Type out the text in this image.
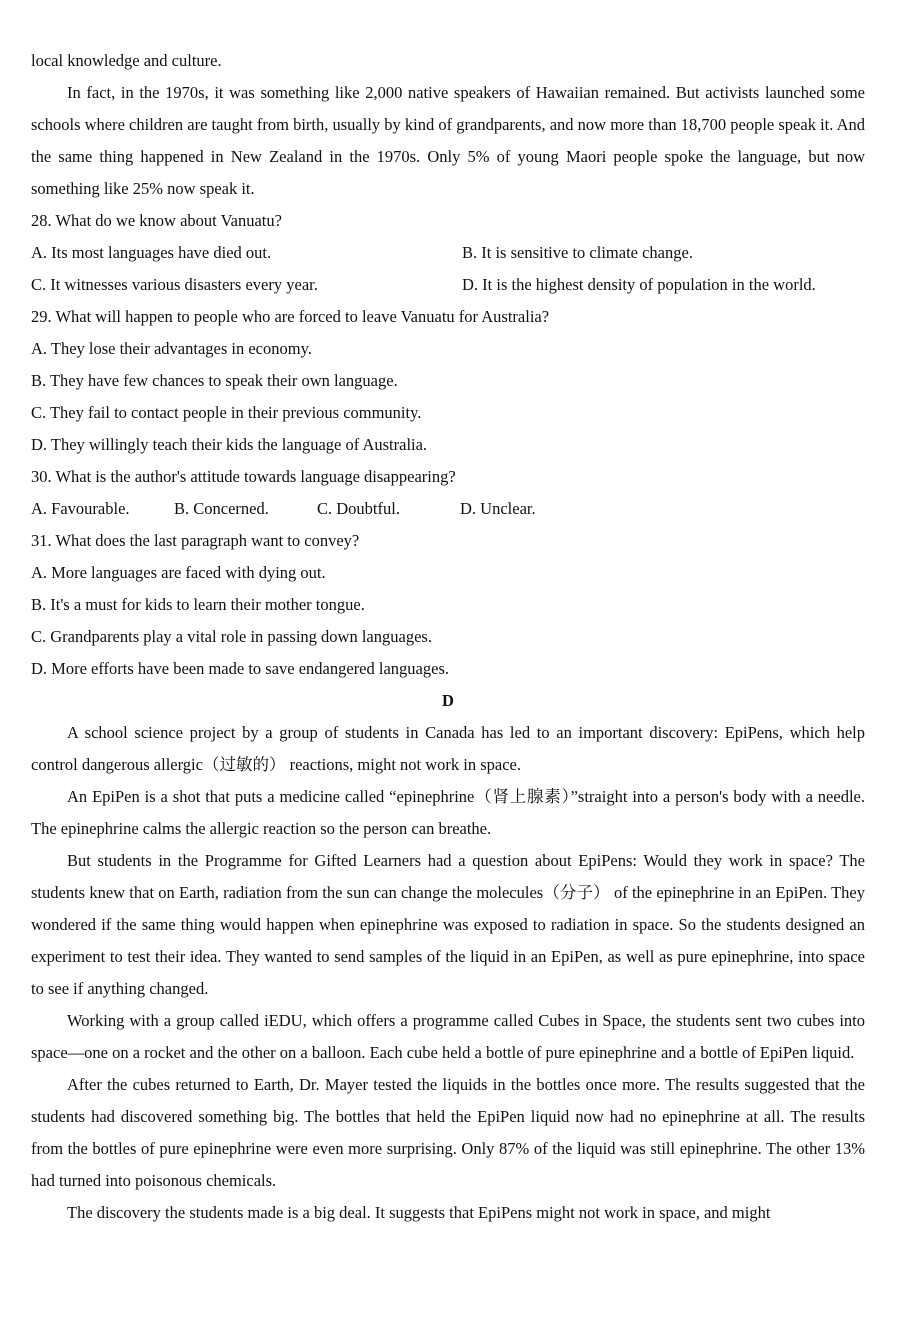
local knowledge and culture.

In fact, in the 1970s, it was something like 2,000 native speakers of Hawaiian remained. But activists launched some schools where children are taught from birth, usually by kind of grandparents, and now more than 18,700 people speak it. And the same thing happened in New Zealand in the 1970s. Only 5% of young Maori people spoke the language, but now something like 25% now speak it.

28. What do we know about Vanuatu?
A. Its most languages have died out.	B. It is sensitive to climate change.
C. It witnesses various disasters every year.	D. It is the highest density of population in the world.
29. What will happen to people who are forced to leave Vanuatu for Australia?
A. They lose their advantages in economy.
B. They have few chances to speak their own language.
C. They fail to contact people in their previous community.
D. They willingly teach their kids the language of Australia.
30. What is the author's attitude towards language disappearing?
A. Favourable.	B. Concerned.	C. Doubtful.	D. Unclear.
31. What does the last paragraph want to convey?
A. More languages are faced with dying out.
B. It's a must for kids to learn their mother tongue.
C. Grandparents play a vital role in passing down languages.
D. More efforts have been made to save endangered languages.
D

A school science project by a group of students in Canada has led to an important discovery: EpiPens, which help control dangerous allergic（过敏的） reactions, might not work in space.

An EpiPen is a shot that puts a medicine called “epinephrine（肾上腺素）”straight into a person's body with a needle. The epinephrine calms the allergic reaction so the person can breathe.

But students in the Programme for Gifted Learners had a question about EpiPens: Would they work in space? The students knew that on Earth, radiation from the sun can change the molecules（分子） of the epinephrine in an EpiPen. They wondered if the same thing would happen when epinephrine was exposed to radiation in space. So the students designed an experiment to test their idea. They wanted to send samples of the liquid in an EpiPen, as well as pure epinephrine, into space to see if anything changed.

Working with a group called iEDU, which offers a programme called Cubes in Space, the students sent two cubes into space—one on a rocket and the other on a balloon. Each cube held a bottle of pure epinephrine and a bottle of EpiPen liquid.

After the cubes returned to Earth, Dr. Mayer tested the liquids in the bottles once more. The results suggested that the students had discovered something big. The bottles that held the EpiPen liquid now had no epinephrine at all. The results from the bottles of pure epinephrine were even more surprising. Only 87% of the liquid was still epinephrine. The other 13% had turned into poisonous chemicals.

The discovery the students made is a big deal. It suggests that EpiPens might not work in space, and might
